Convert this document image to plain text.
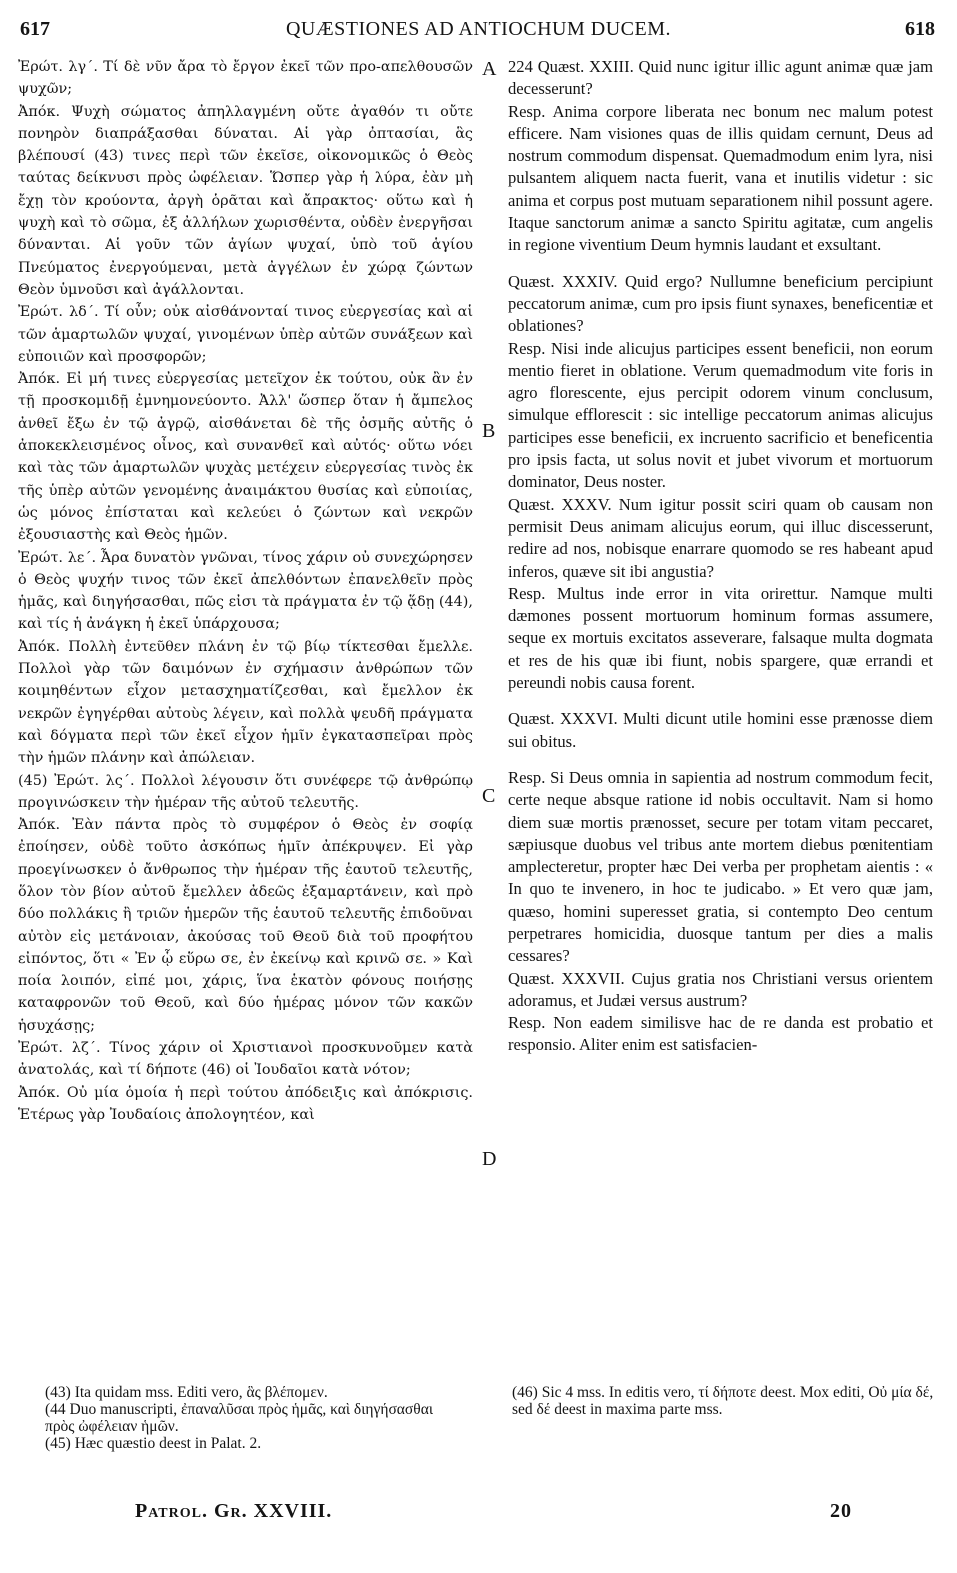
617	QUÆSTIONES AD ANTIOCHUM DUCEM.	618

Ἐρώτ. λγ΄. Τί δὲ νῦν ἄρα τὸ ἔργον ἐκεῖ τῶν προ-απελθουσῶν ψυχῶν;

Ἀπόκ. Ψυχὴ σώματος ἀπηλλαγμένη οὔτε ἀγαθόν τι οὔτε πονηρὸν διαπράξασθαι δύναται. Αἱ γὰρ ὀπτασίαι, ἃς βλέπουσί (43) τινες περὶ τῶν ἐκεῖσε, οἰκονομικῶς ὁ Θεὸς ταύτας δείκνυσι πρὸς ὠφέλειαν. Ὥσπερ γὰρ ἡ λύρα, ἐὰν μὴ ἔχῃ τὸν κρούοντα, ἀργὴ ὁρᾶται καὶ ἄπρακτος· οὕτω καὶ ἡ ψυχὴ καὶ τὸ σῶμα, ἐξ ἀλλήλων χωρισθέντα, οὐδὲν ἐνεργῆσαι δύνανται. Αἱ γοῦν τῶν ἁγίων ψυχαί, ὑπὸ τοῦ ἁγίου Πνεύματος ἐνεργούμεναι, μετὰ ἀγγέλων ἐν χώρᾳ ζώντων Θεὸν ὑμνοῦσι καὶ ἀγάλλονται.

Ἐρώτ. λδ΄. Τί οὖν; οὐκ αἰσθάνονταί τινος εὐεργεσίας καὶ αἱ τῶν ἁμαρτωλῶν ψυχαί, γινομένων ὑπὲρ αὐτῶν συνάξεων καὶ εὐποιιῶν καὶ προσφορῶν;

Ἀπόκ. Εἰ μή τινες εὐεργεσίας μετεῖχον ἐκ τούτου, οὐκ ἂν ἐν τῇ προσκομιδῇ ἐμνημονεύοντο. Ἀλλ' ὥσπερ ὅταν ἡ ἄμπελος ἀνθεῖ ἔξω ἐν τῷ ἀγρῷ, αἰσθάνεται δὲ τῆς ὀσμῆς αὐτῆς ὁ ἀποκεκλεισμένος οἶνος, καὶ συνανθεῖ καὶ αὐτός· οὕτω νόει καὶ τὰς τῶν ἁμαρτωλῶν ψυχὰς μετέχειν εὐεργεσίας τινὸς ἐκ τῆς ὑπὲρ αὐτῶν γενομένης ἀναιμάκτου θυσίας καὶ εὐποιίας, ὡς μόνος ἐπίσταται καὶ κελεύει ὁ ζώντων καὶ νεκρῶν ἐξουσιαστὴς καὶ Θεὸς ἡμῶν.

Ἐρώτ. λε΄. Ἆρα δυνατὸν γνῶναι, τίνος χάριν οὐ συνεχώρησεν ὁ Θεὸς ψυχήν τινος τῶν ἐκεῖ ἀπελθόντων ἐπανελθεῖν πρὸς ἡμᾶς, καὶ διηγήσασθαι, πῶς εἰσι τὰ πράγματα ἐν τῷ ᾅδῃ (44), καὶ τίς ἡ ἀνάγκη ἡ ἐκεῖ ὑπάρχουσα;

Ἀπόκ. Πολλὴ ἐντεῦθεν πλάνη ἐν τῷ βίῳ τίκτεσθαι ἔμελλε. Πολλοὶ γὰρ τῶν δαιμόνων ἐν σχήμασιν ἀνθρώπων τῶν κοιμηθέντων εἶχον μετασχηματίζεσθαι, καὶ ἔμελλον ἐκ νεκρῶν ἐγηγέρθαι αὐτοὺς λέγειν, καὶ πολλὰ ψευδῆ πράγματα καὶ δόγματα περὶ τῶν ἐκεῖ εἶχον ἡμῖν ἐγκατασπεῖραι πρὸς τὴν ἡμῶν πλάνην καὶ ἀπώλειαν.

(45) Ἐρώτ. λς΄. Πολλοὶ λέγουσιν ὅτι συνέφερε τῷ ἀνθρώπῳ προγινώσκειν τὴν ἡμέραν τῆς αὐτοῦ τελευτῆς.

Ἀπόκ. Ἐὰν πάντα πρὸς τὸ συμφέρον ὁ Θεὸς ἐν σοφίᾳ ἐποίησεν, οὐδὲ τοῦτο ἀσκόπως ἡμῖν ἀπέκρυψεν. Εἰ γὰρ προεγίνωσκεν ὁ ἄνθρωπος τὴν ἡμέραν τῆς ἑαυτοῦ τελευτῆς, ὅλον τὸν βίον αὐτοῦ ἔμελλεν ἀδεῶς ἐξαμαρτάνειν, καὶ πρὸ δύο πολλάκις ἢ τριῶν ἡμερῶν τῆς ἑαυτοῦ τελευτῆς ἐπιδοῦναι αὐτὸν εἰς μετάνοιαν, ἀκούσας τοῦ Θεοῦ διὰ τοῦ προφήτου εἰπόντος, ὅτι « Ἐν ᾧ εὕρω σε, ἐν ἐκείνῳ καὶ κρινῶ σε. » Καὶ ποία λοιπόν, εἰπέ μοι, χάρις, ἵνα ἑκατὸν φόνους ποιήσῃς καταφρονῶν τοῦ Θεοῦ, καὶ δύο ἡμέρας μόνον τῶν κακῶν ἡσυχάσῃς;

Ἐρώτ. λζ΄. Τίνος χάριν οἱ Χριστιανοὶ προσκυνοῦμεν κατὰ ἀνατολάς, καὶ τί δήποτε (46) οἱ Ἰουδαῖοι κατὰ νότον;

Ἀπόκ. Οὐ μία ὁμοία ἡ περὶ τούτου ἀπόδειξις καὶ ἀπόκρισις. Ἑτέρως γὰρ Ἰουδαίοις ἀπολογητέον, καὶ

A
B
C
D

224 Quæst. XXIII. Quid nunc igitur illic agunt animæ quæ jam decesserunt?

Resp. Anima corpore liberata nec bonum nec malum potest efficere. Nam visiones quas de illis quidam cernunt, Deus ad nostrum commodum dispensat. Quemadmodum enim lyra, nisi pulsantem aliquem nacta fuerit, vana et inutilis videtur : sic anima et corpus post mutuam separationem nihil possunt agere. Itaque sanctorum animæ a sancto Spiritu agitatæ, cum angelis in regione viventium Deum hymnis laudant et exsultant.

Quæst. XXXIV. Quid ergo? Nullumne beneficium percipiunt peccatorum animæ, cum pro ipsis fiunt synaxes, beneficentiæ et oblationes?

Resp. Nisi inde alicujus participes essent beneficii, non eorum mentio fieret in oblatione. Verum quemadmodum vite foris in agro florescente, ejus percipit odorem vinum conclusum, simulque efflorescit : sic intellige peccatorum animas alicujus participes esse beneficii, ex incruento sacrificio et beneficentia pro ipsis facta, ut solus novit et jubet vivorum et mortuorum dominator, Deus noster.

Quæst. XXXV. Num igitur possit sciri quam ob causam non permisit Deus animam alicujus eorum, qui illuc discesserunt, redire ad nos, nobisque enarrare quomodo se res habeant apud inferos, quæve sit ibi angustia?

Resp. Multus inde error in vita orirettur. Namque multi dæmones possent mortuorum hominum formas assumere, seque ex mortuis excitatos asseverare, falsaque multa dogmata et res de his quæ ibi fiunt, nobis spargere, quæ errandi et pereundi nobis causa forent.

Quæst. XXXVI. Multi dicunt utile homini esse prænosse diem sui obitus.

Resp. Si Deus omnia in sapientia ad nostrum commodum fecit, certe neque absque ratione id nobis occultavit. Nam si homo diem suæ mortis prænosset, secure per totam vitam peccaret, sæpiusque duobus vel tribus ante mortem diebus pœnitentiam amplecteretur, propter hæc Dei verba per prophetam aientis : « In quo te invenero, in hoc te judicabo. » Et vero quæ jam, quæso, homini superesset gratia, si contempto Deo centum perpetrares homicidia, duosque tantum per dies a malis cessares?

Quæst. XXXVII. Cujus gratia nos Christiani versus orientem adoramus, et Judæi versus austrum?

Resp. Non eadem similisve hac de re danda est probatio et responsio. Aliter enim est satisfacien-

(43) Ita quidam mss. Editi vero, ἃς βλέπομεν.

(44 Duo manuscripti, ἐπαναλῦσαι πρὸς ἡμᾶς, καὶ διηγήσασθαι πρὸς ὠφέλειαν ἡμῶν.

(45) Hæc quæstio deest in Palat. 2.

(46) Sic 4 mss. In editis vero, τί δήποτε deest. Mox editi, Οὐ μία δέ, sed δέ deest in maxima parte mss.

Patrol. Gr. XXVIII.	20
